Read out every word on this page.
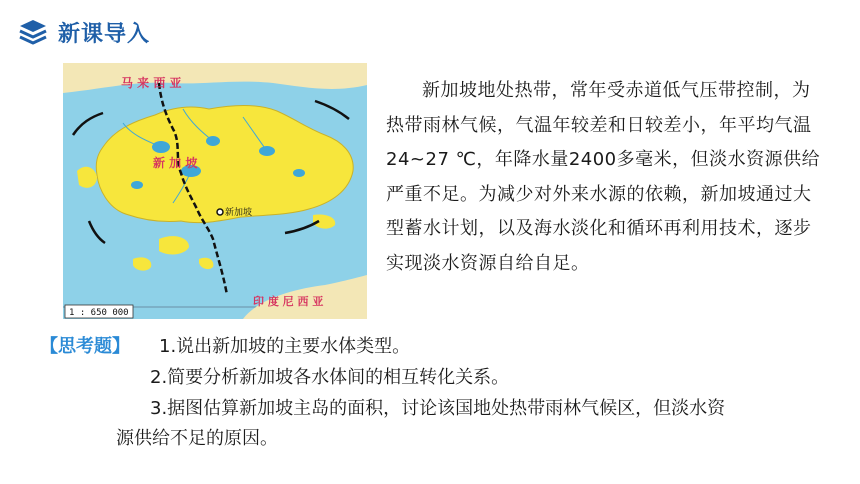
新课导入
马 来 西 亚
新 加 坡
新加坡
印 度 尼 西 亚
1 : 650 000

新加坡地处热带，常年受赤道低气压带控制，为热带雨林气候，气温年较差和日较差小，年平均气温24~27 ℃，年降水量2400多毫米，但淡水资源供给严重不足。为减少对外来水源的依赖，新加坡通过大型蓄水计划，以及海水淡化和循环再利用技术，逐步实现淡水资源自给自足。

【思考题】 1.说出新加坡的主要水体类型。
2.简要分析新加坡各水体间的相互转化关系。
3.据图估算新加坡主岛的面积，讨论该国地处热带雨林气候区，但淡水资
源供给不足的原因。
